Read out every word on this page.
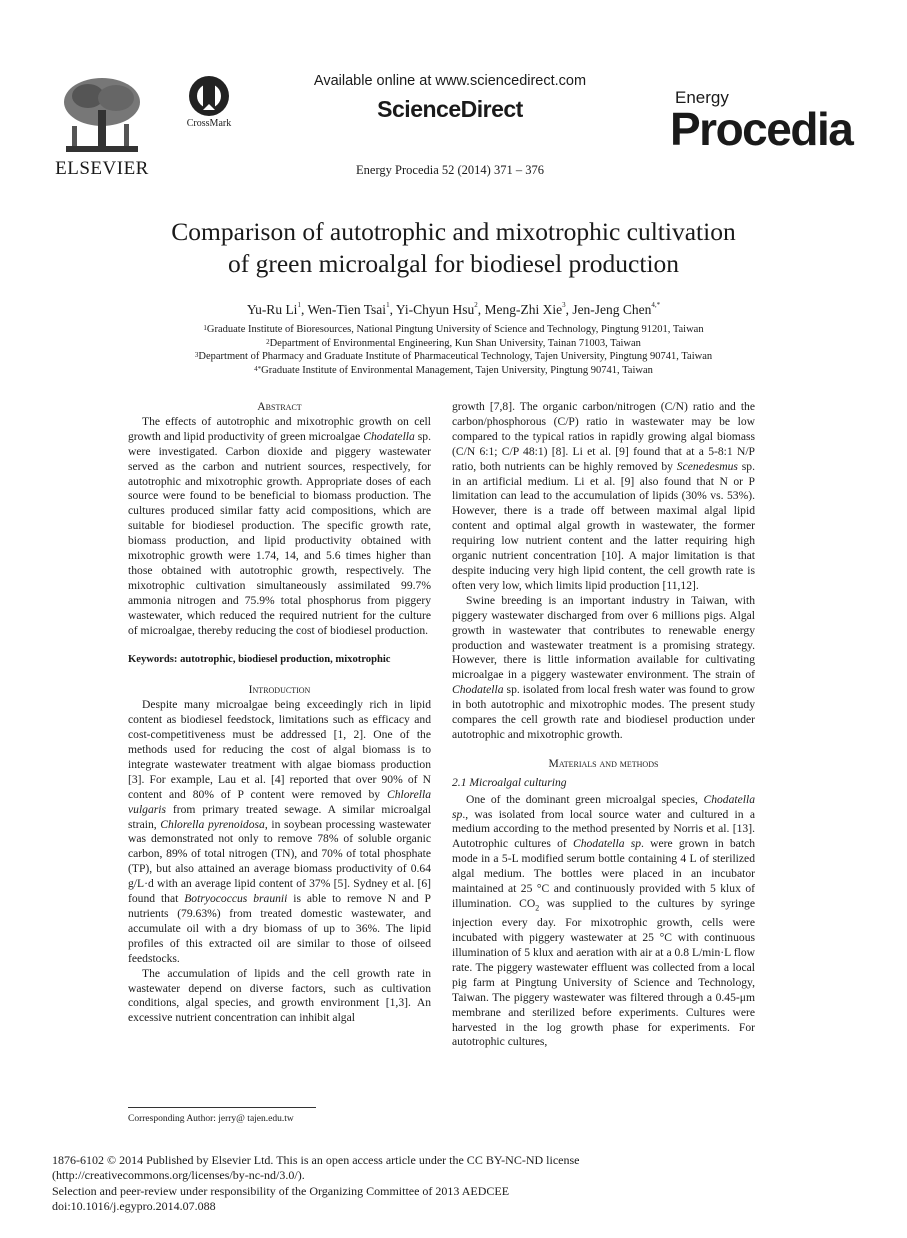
ELSEVIER
CrossMark
Available online at www.sciencedirect.com
ScienceDirect
Energy Procedia 52 (2014) 371 – 376
Energy
Procedia
Comparison of autotrophic and mixotrophic cultivation
of green microalgal for biodiesel production
Yu-Ru Li$^1$, Wen-Tien Tsai$^1$, Yi-Chyun Hsu$^2$, Meng-Zhi Xie$^3$, Jen-Jeng Chen$^{4,*}$
$^1$Graduate Institute of Bioresources, National Pingtung University of Science and Technology, Pingtung 91201, Taiwan
$^2$Department of Environmental Engineering, Kun Shan University, Tainan 71003, Taiwan
$^3$Department of Pharmacy and Graduate Institute of Pharmaceutical Technology, Tajen University, Pingtung 90741, Taiwan
$^{4*}$Graduate Institute of Environmental Management, Tajen University, Pingtung 90741, Taiwan

Abstract

The effects of autotrophic and mixotrophic growth on cell growth and lipid productivity of green microalgae Chodatella sp. were investigated. Carbon dioxide and piggery wastewater served as the carbon and nutrient sources, respectively, for autotrophic and mixotrophic growth. Appropriate doses of each source were found to be beneficial to biomass production. The cultures produced similar fatty acid compositions, which are suitable for biodiesel production. The specific growth rate, biomass production, and lipid productivity obtained with mixotrophic growth were 1.74, 14, and 5.6 times higher than those obtained with autotrophic growth, respectively. The mixotrophic cultivation simultaneously assimilated 99.7% ammonia nitrogen and 75.9% total phosphorus from piggery wastewater, which reduced the required nutrient for the culture of microalgae, thereby reducing the cost of biodiesel production.

Keywords: autotrophic, biodiesel production, mixotrophic

Introduction

Despite many microalgae being exceedingly rich in lipid content as biodiesel feedstock, limitations such as efficacy and cost-competitiveness must be addressed [1, 2]. One of the methods used for reducing the cost of algal biomass is to integrate wastewater treatment with algae biomass production [3]. For example, Lau et al. [4] reported that over 90% of N content and 80% of P content were removed by Chlorella vulgaris from primary treated sewage. A similar microalgal strain, Chlorella pyrenoidosa, in soybean processing wastewater was demonstrated not only to remove 78% of soluble organic carbon, 89% of total nitrogen (TN), and 70% of total phosphate (TP), but also attained an average biomass productivity of 0.64 g/L·d with an average lipid content of 37% [5]. Sydney et al. [6] found that Botryococcus braunii is able to remove N and P nutrients (79.63%) from treated domestic wastewater, and accumulate oil with a dry biomass of up to 36%. The lipid profiles of this extracted oil are similar to those of oilseed feedstocks.

The accumulation of lipids and the cell growth rate in wastewater depend on diverse factors, such as cultivation conditions, algal species, and growth environment [1,3]. An excessive nutrient concentration can inhibit algal

growth [7,8]. The organic carbon/nitrogen (C/N) ratio and the carbon/phosphorous (C/P) ratio in wastewater may be low compared to the typical ratios in rapidly growing algal biomass (C/N 6:1; C/P 48:1) [8]. Li et al. [9] found that at a 5-8:1 N/P ratio, both nutrients can be highly removed by Scenedesmus sp. in an artificial medium. Li et al. [9] also found that N or P limitation can lead to the accumulation of lipids (30% vs. 53%). However, there is a trade off between maximal algal lipid content and optimal algal growth in wastewater, the former requiring low nutrient content and the latter requiring high organic nutrient concentration [10]. A major limitation is that despite inducing very high lipid content, the cell growth rate is often very low, which limits lipid production [11,12].

Swine breeding is an important industry in Taiwan, with piggery wastewater discharged from over 6 millions pigs. Algal growth in wastewater that contributes to renewable energy production and wastewater treatment is a promising strategy. However, there is little information available for cultivating microalgae in a piggery wastewater environment. The strain of Chodatella sp. isolated from local fresh water was found to grow in both autotrophic and mixotrophic modes. The present study compares the cell growth rate and biodiesel production under autotrophic and mixotrophic growth.

Materials and methods

2.1 Microalgal culturing

One of the dominant green microalgal species, Chodatella sp., was isolated from local source water and cultured in a medium according to the method presented by Norris et al. [13]. Autotrophic cultures of Chodatella sp. were grown in batch mode in a 5-L modified serum bottle containing 4 L of sterilized algal medium. The bottles were placed in an incubator maintained at 25 °C and continuously provided with 5 klux of illumination. $CO_2$ was supplied to the cultures by syringe injection every day. For mixotrophic growth, cells were incubated with piggery wastewater at 25 °C with continuous illumination of 5 klux and aeration with air at a 0.8 L/min·L flow rate. The piggery wastewater effluent was collected from a local pig farm at Pingtung University of Science and Technology, Taiwan. The piggery wastewater was filtered through a 0.45-μm membrane and sterilized before experiments. Cultures were harvested in the log growth phase for experiments. For autotrophic cultures,

Corresponding Author: jerry@ tajen.edu.tw
1876-6102 © 2014 Published by Elsevier Ltd. This is an open access article under the CC BY-NC-ND license
(http://creativecommons.org/licenses/by-nc-nd/3.0/).
Selection and peer-review under responsibility of the Organizing Committee of 2013 AEDCEE
doi:10.1016/j.egypro.2014.07.088
